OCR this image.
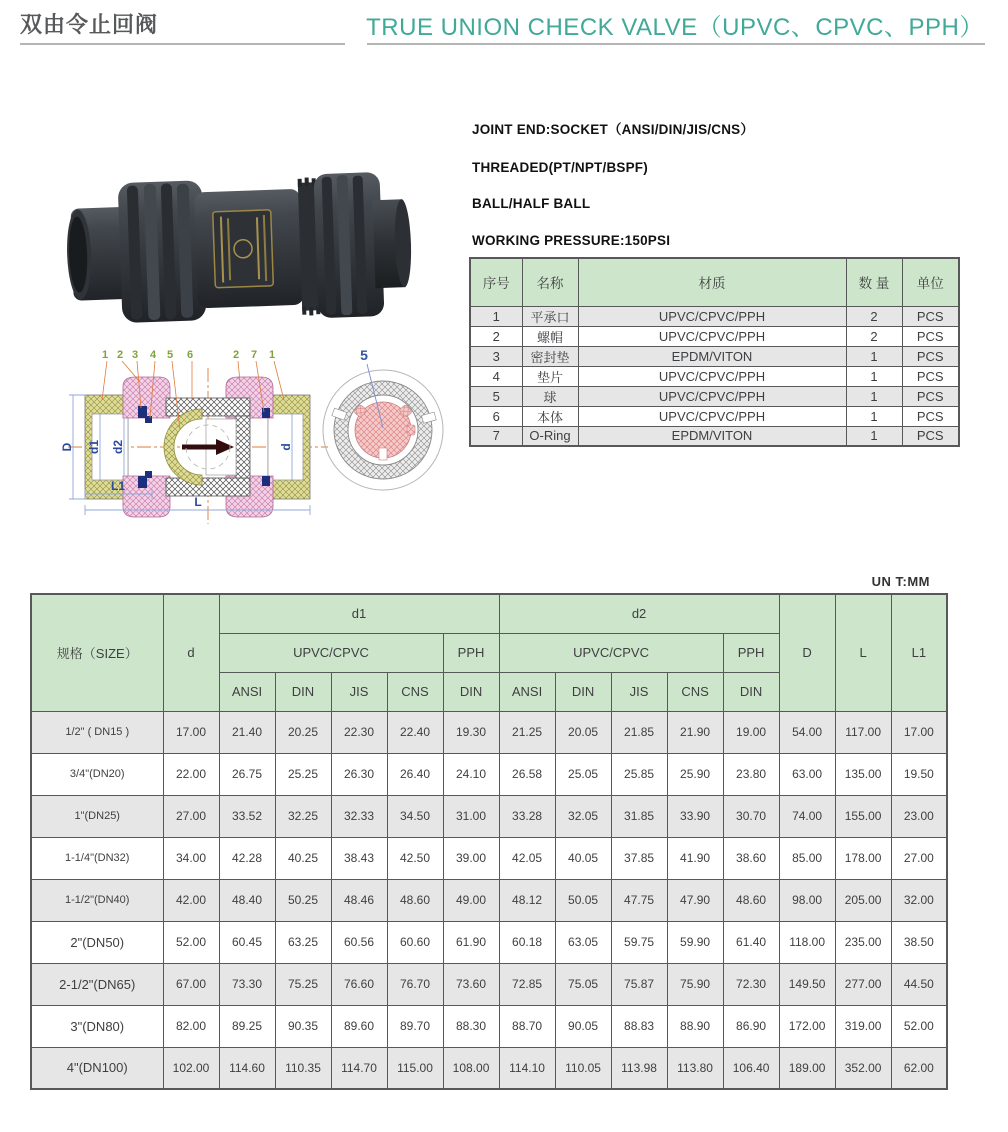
双由令止回阀	TRUE UNION CHECK VALVE（UPVC、CPVC、PPH）
JOINT END:SOCKET（ANSI/DIN/JIS/CNS）
THREADED(PT/NPT/BSPF)
BALL/HALF BALL
WORKING PRESSURE:150PSI
序号	名称	材质	数 量	单位
1	平承口	UPVC/CPVC/PPH	2	PCS
2	螺帽	UPVC/CPVC/PPH	2	PCS
3	密封垫	EPDM/VITON	1	PCS
4	垫片	UPVC/CPVC/PPH	1	PCS
5	球	UPVC/CPVC/PPH	1	PCS
6	本体	UPVC/CPVC/PPH	1	PCS
7	O-Ring	EPDM/VITON	1	PCS
D d1 d2	d
L1
L
1 2 3 4 5 6	2 7 1	5
UN T:MM
规格（SIZE）	d	d1					d2					D	L	L1
		UPVC/CPVC				PPH	UPVC/CPVC				PPH			
		ANSI	DIN	JIS	CNS	DIN	ANSI	DIN	JIS	CNS	DIN			
1/2" ( DN15 )	17.00	21.40	20.25	22.30	22.40	19.30	21.25	20.05	21.85	21.90	19.00	54.00	117.00	17.00
3/4"(DN20)	22.00	26.75	25.25	26.30	26.40	24.10	26.58	25.05	25.85	25.90	23.80	63.00	135.00	19.50
1"(DN25)	27.00	33.52	32.25	32.33	34.50	31.00	33.28	32.05	31.85	33.90	30.70	74.00	155.00	23.00
1-1/4"(DN32)	34.00	42.28	40.25	38.43	42.50	39.00	42.05	40.05	37.85	41.90	38.60	85.00	178.00	27.00
1-1/2"(DN40)	42.00	48.40	50.25	48.46	48.60	49.00	48.12	50.05	47.75	47.90	48.60	98.00	205.00	32.00
2"(DN50)	52.00	60.45	63.25	60.56	60.60	61.90	60.18	63.05	59.75	59.90	61.40	118.00	235.00	38.50
2-1/2"(DN65)	67.00	73.30	75.25	76.60	76.70	73.60	72.85	75.05	75.87	75.90	72.30	149.50	277.00	44.50
3"(DN80)	82.00	89.25	90.35	89.60	89.70	88.30	88.70	90.05	88.83	88.90	86.90	172.00	319.00	52.00
4"(DN100)	102.00	114.60	110.35	114.70	115.00	108.00	114.10	110.05	113.98	113.80	106.40	189.00	352.00	62.00
